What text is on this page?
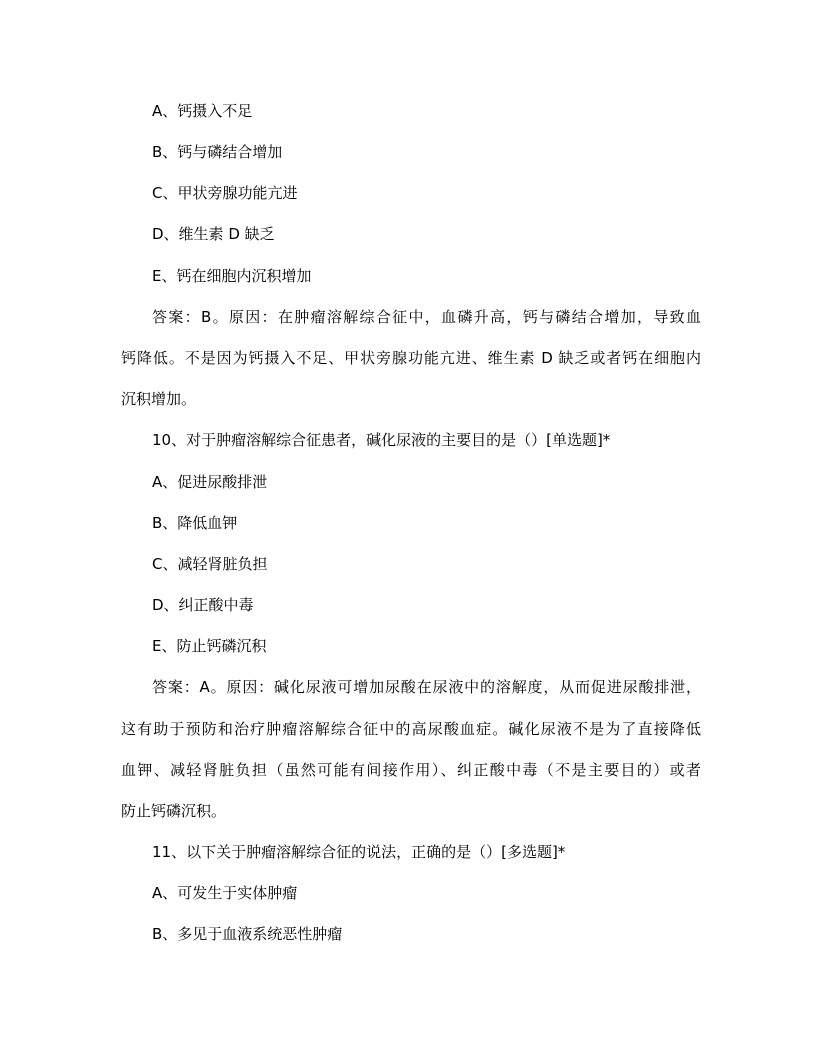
A、钙摄入不足
B、钙与磷结合增加
C、甲状旁腺功能亢进
D、维生素 D 缺乏
E、钙在细胞内沉积增加
答案：B。原因：在肿瘤溶解综合征中，血磷升高，钙与磷结合增加，导致血
钙降低。不是因为钙摄入不足、甲状旁腺功能亢进、维生素 D 缺乏或者钙在细胞内
沉积增加。
10、对于肿瘤溶解综合征患者，碱化尿液的主要目的是（）[单选题]*
A、促进尿酸排泄
B、降低血钾
C、减轻肾脏负担
D、纠正酸中毒
E、防止钙磷沉积
答案：A。原因：碱化尿液可增加尿酸在尿液中的溶解度，从而促进尿酸排泄，
这有助于预防和治疗肿瘤溶解综合征中的高尿酸血症。碱化尿液不是为了直接降低
血钾、减轻肾脏负担（虽然可能有间接作用）、纠正酸中毒（不是主要目的）或者
防止钙磷沉积。
11、以下关于肿瘤溶解综合征的说法，正确的是（）[多选题]*
A、可发生于实体肿瘤
B、多见于血液系统恶性肿瘤
